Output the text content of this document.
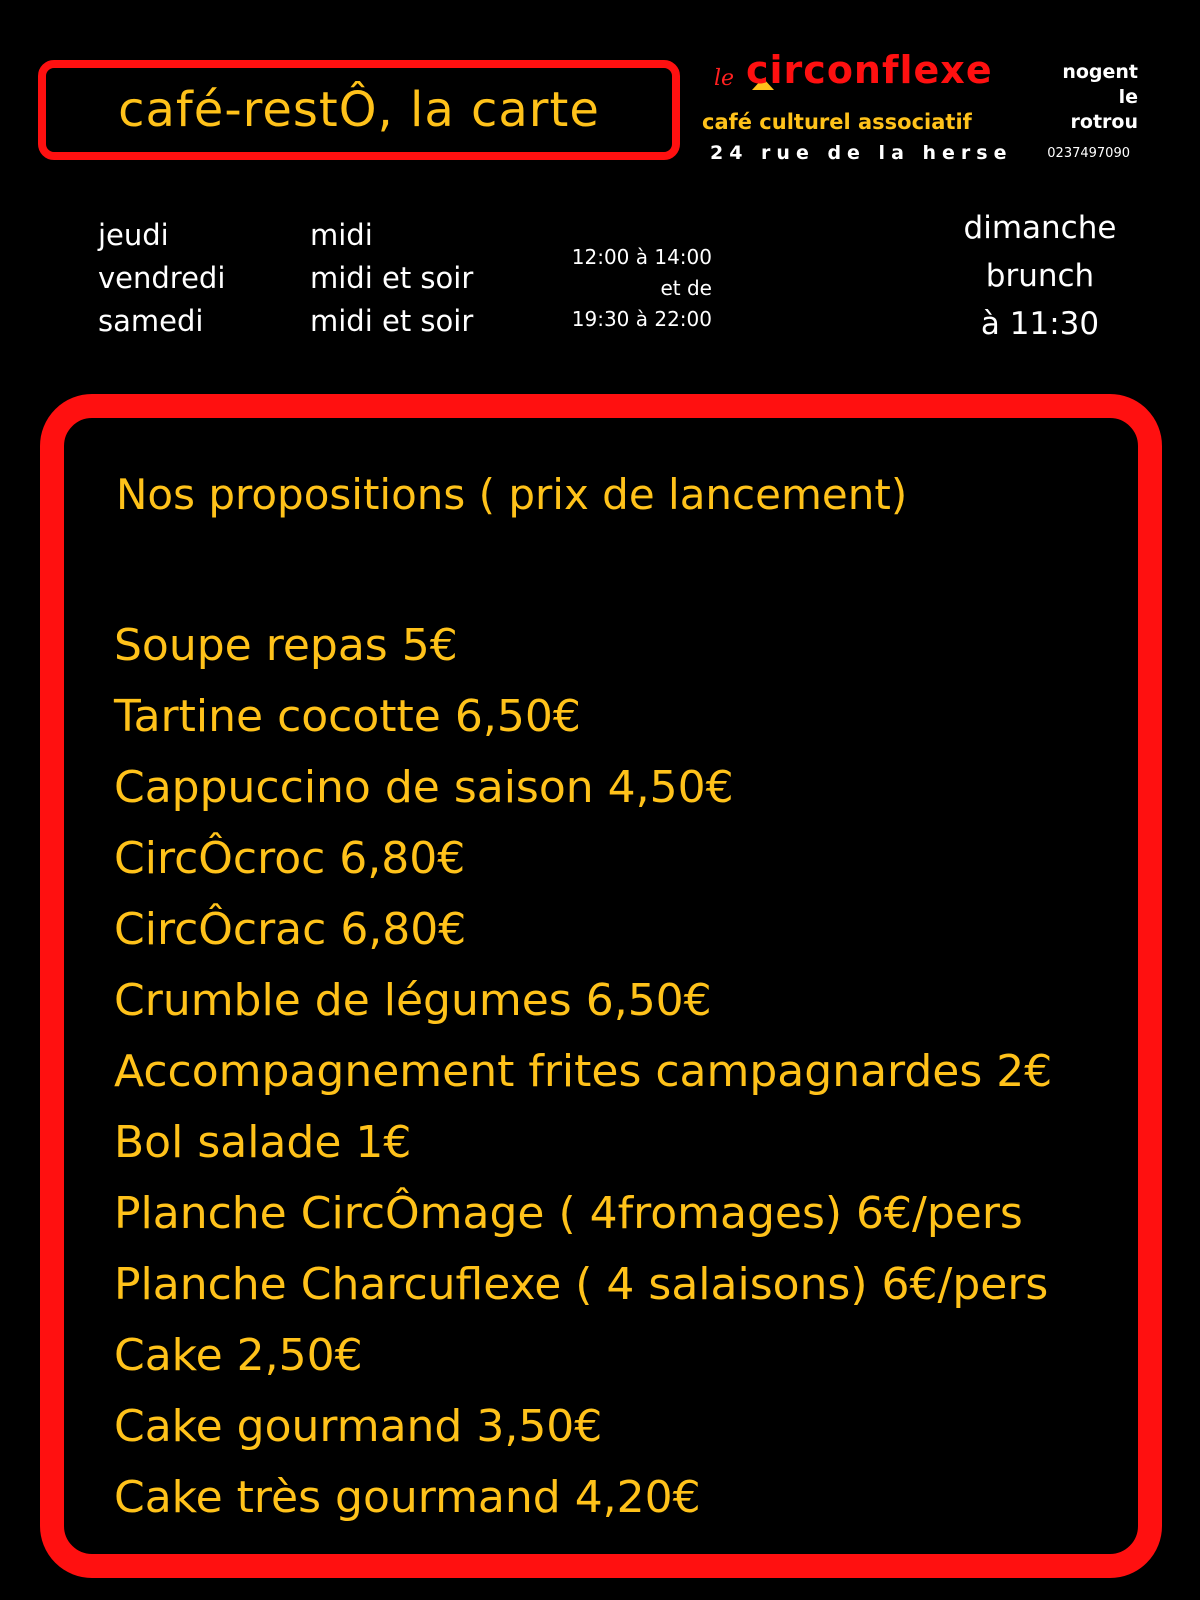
café-restÔ, la carte
le circonflexe	nogent
le
rotrou
café culturel associatif
24 rue de la herse	0237497090
jeudi	midi
vendredi	midi et soir
samedi	midi et soir
12:00 à 14:00
et de
19:30 à 22:00
dimanche
brunch
à 11:30
Nos propositions ( prix de lancement)
Soupe repas 5€
Tartine cocotte 6,50€
Cappuccino de saison 4,50€
CircÔcroc 6,80€
CircÔcrac 6,80€
Crumble de légumes 6,50€
Accompagnement frites campagnardes 2€
Bol salade 1€
Planche CircÔmage ( 4fromages) 6€/pers
Planche Charcuflexe ( 4 salaisons) 6€/pers
Cake 2,50€
Cake gourmand 3,50€
Cake très gourmand 4,20€
